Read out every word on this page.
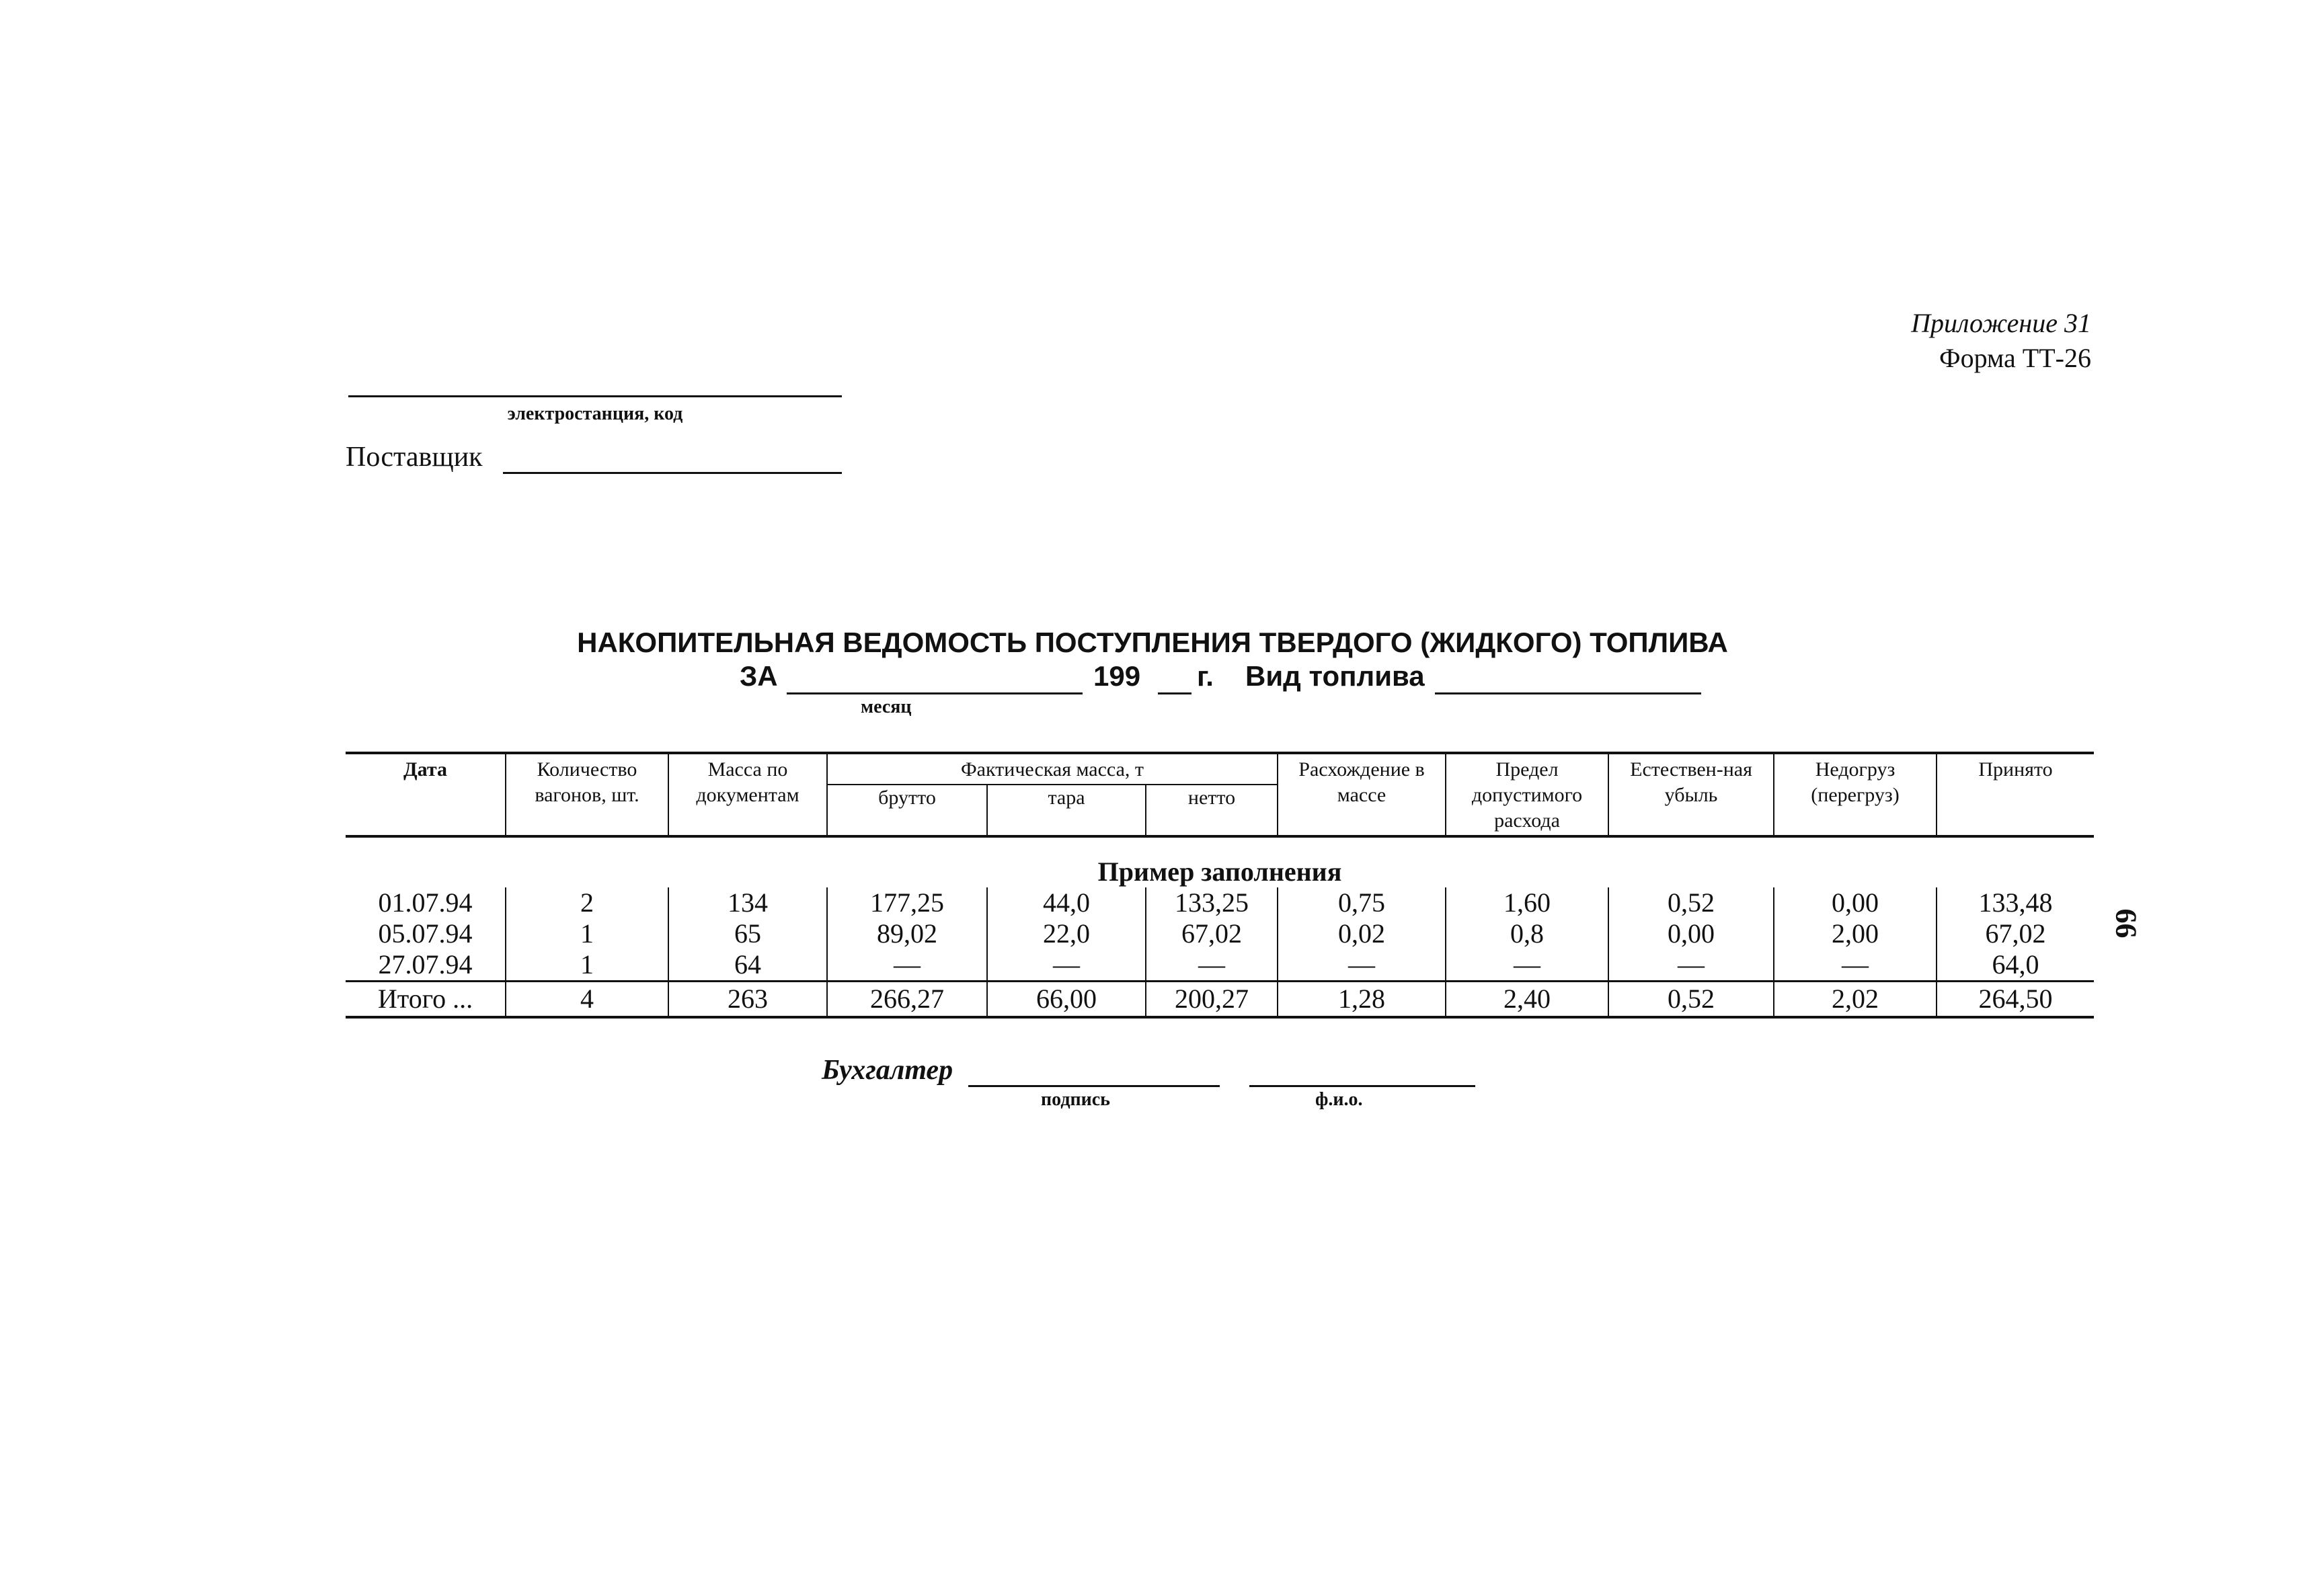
Приложение 31
Форма ТТ-26
электростанция, код
Поставщик
НАКОПИТЕЛЬНАЯ ВЕДОМОСТЬ ПОСТУПЛЕНИЯ ТВЕРДОГО (ЖИДКОГО) ТОПЛИВА
ЗА	199 г. Вид топлива
месяц
Дата	Количество вагонов, шт.	Масса по документам	Фактическая масса, т			Расхождение в массе	Предел допустимого расхода	Естествен-ная убыль	Недогруз (перегруз)	Принято
			брутто	тара	нетто					
Пример заполнения										
01.07.94	2	134	177,25	44,0	133,25	0,75	1,60	0,52	0,00	133,48
05.07.94	1	65	89,02	22,0	67,02	0,02	0,8	0,00	2,00	67,02
27.07.94	1	64	—	—	—	—	—	—	—	64,0
Итого ...	4	263	266,27	66,00	200,27	1,28	2,40	0,52	2,02	264,50
Бухгалтер
подпись	ф.и.о.
66
